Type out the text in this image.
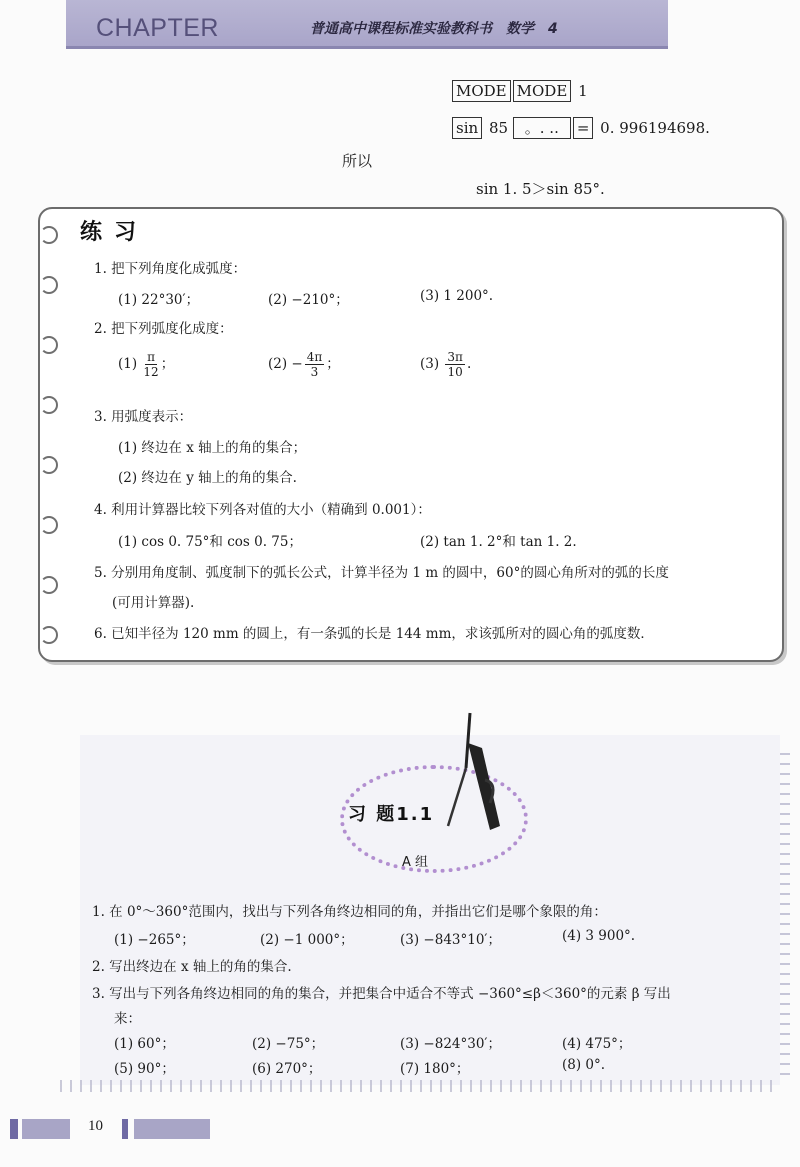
CHAPTER	普通高中课程标准实验教科书　数学　4
MODE MODE 1
sin 85 。. .. = 0. 996194698.
所以
sin 1. 5＞sin 85°.
练习
1. 把下列角度化成弧度：
(1) 22°30′；	(2) −210°；	(3) 1 200°.
2. 把下列弧度化成度：
$(1) \frac{\pi}{12}$ ；	$(2) - \frac{4\pi}{3}$ ；	$(3) \frac{3\pi}{10}$ .
3. 用弧度表示：
(1) 终边在 x 轴上的角的集合；
(2) 终边在 y 轴上的角的集合.
4. 利用计算器比较下列各对值的大小（精确到 0.001）：
(1) cos 0. 75°和 cos 0. 75；	(2) tan 1. 2°和 tan 1. 2.
5. 分别用角度制、弧度制下的弧长公式，计算半径为 1 m 的圆中，60°的圆心角所对的弧的长度
(可用计算器).
6. 已知半径为 120 mm 的圆上，有一条弧的长是 144 mm，求该弧所对的圆心角的弧度数．
习 题1.1
A 组
1. 在 0°～360°范围内，找出与下列各角终边相同的角，并指出它们是哪个象限的角：
(1) −265°；	(2) −1 000°；	(3) −843°10′；	(4) 3 900°.
2. 写出终边在 x 轴上的角的集合.
3. 写出与下列各角终边相同的角的集合，并把集合中适合不等式 −360°≤β＜360°的元素 β 写出
来：
(1) 60°；	(2) −75°；	(3) −824°30′；	(4) 475°；
(5) 90°；	(6) 270°；	(7) 180°；	(8) 0°.
10
